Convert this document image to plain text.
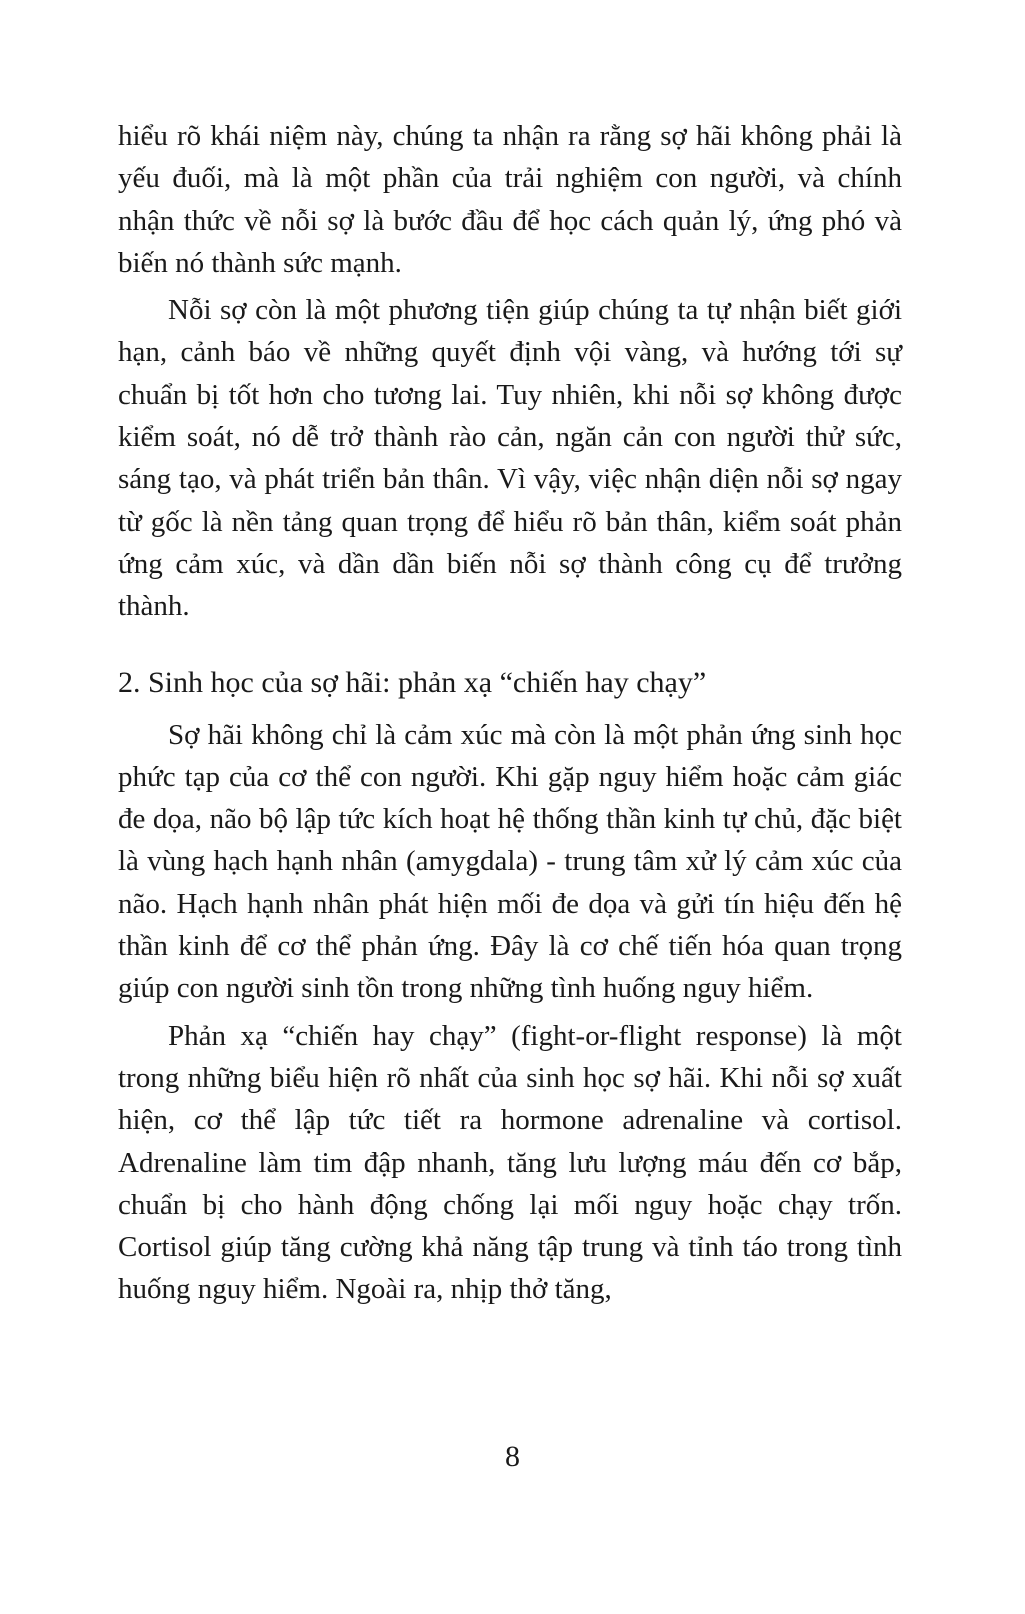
hiểu rõ khái niệm này, chúng ta nhận ra rằng sợ hãi không phải là yếu đuối, mà là một phần của trải nghiệm con người, và chính nhận thức về nỗi sợ là bước đầu để học cách quản lý, ứng phó và biến nó thành sức mạnh.

Nỗi sợ còn là một phương tiện giúp chúng ta tự nhận biết giới hạn, cảnh báo về những quyết định vội vàng, và hướng tới sự chuẩn bị tốt hơn cho tương lai. Tuy nhiên, khi nỗi sợ không được kiểm soát, nó dễ trở thành rào cản, ngăn cản con người thử sức, sáng tạo, và phát triển bản thân. Vì vậy, việc nhận diện nỗi sợ ngay từ gốc là nền tảng quan trọng để hiểu rõ bản thân, kiểm soát phản ứng cảm xúc, và dần dần biến nỗi sợ thành công cụ để trưởng thành.

2. Sinh học của sợ hãi: phản xạ “chiến hay chạy”

Sợ hãi không chỉ là cảm xúc mà còn là một phản ứng sinh học phức tạp của cơ thể con người. Khi gặp nguy hiểm hoặc cảm giác đe dọa, não bộ lập tức kích hoạt hệ thống thần kinh tự chủ, đặc biệt là vùng hạch hạnh nhân (amygdala) - trung tâm xử lý cảm xúc của não. Hạch hạnh nhân phát hiện mối đe dọa và gửi tín hiệu đến hệ thần kinh để cơ thể phản ứng. Đây là cơ chế tiến hóa quan trọng giúp con người sinh tồn trong những tình huống nguy hiểm.

Phản xạ “chiến hay chạy” (fight-or-flight response) là một trong những biểu hiện rõ nhất của sinh học sợ hãi. Khi nỗi sợ xuất hiện, cơ thể lập tức tiết ra hormone adrenaline và cortisol. Adrenaline làm tim đập nhanh, tăng lưu lượng máu đến cơ bắp, chuẩn bị cho hành động chống lại mối nguy hoặc chạy trốn. Cortisol giúp tăng cường khả năng tập trung và tỉnh táo trong tình huống nguy hiểm. Ngoài ra, nhịp thở tăng,

8
